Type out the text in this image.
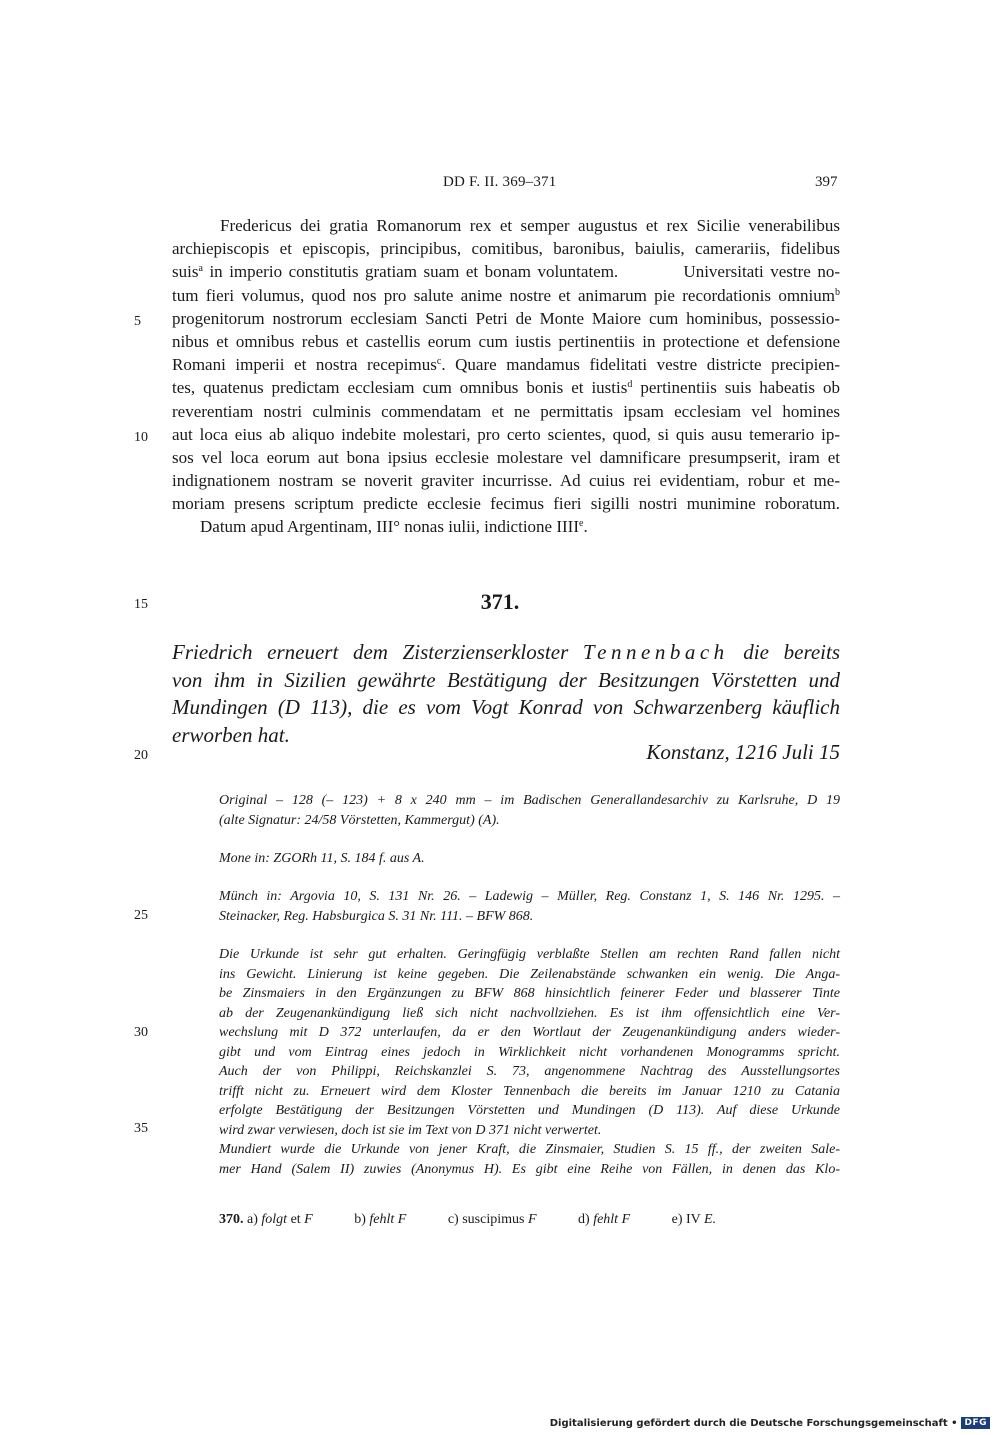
DD F. II. 369–371	397
Fredericus dei gratia Romanorum rex et semper augustus et rex Sicilie venerabilibus
archiepiscopis et episcopis, principibus, comitibus, baronibus, baiulis, camerariis, fidelibus
suis$^a$ in imperio constitutis gratiam suam et bonam voluntatem.          Universitati vestre no-
tum fieri volumus, quod nos pro salute anime nostre et animarum pie recordationis omnium$^b$
progenitorum nostrorum ecclesiam Sancti Petri de Monte Maiore cum hominibus, possessio-
nibus et omnibus rebus et castellis eorum cum iustis pertinentiis in protectione et defensione
Romani imperii et nostra recepimus$^c$. Quare mandamus fidelitati vestre districte precipien-
tes, quatenus predictam ecclesiam cum omnibus bonis et iustis$^d$ pertinentiis suis habeatis ob
reverentiam nostri culminis commendatam et ne permittatis ipsam ecclesiam vel homines
aut loca eius ab aliquo indebite molestari, pro certo scientes, quod, si quis ausu temerario ip-
sos vel loca eorum aut bona ipsius ecclesie molestare vel damnificare presumpserit, iram et
indignationem nostram se noverit graviter incurrisse. Ad cuius rei evidentiam, robur et me-
moriam presens scriptum predicte ecclesie fecimus fieri sigilli nostri munimine roboratum.
Datum apud Argentinam, III° nonas iulii, indictione IIIIe.
5
10
15
20
25
30
35
371.
Friedrich erneuert dem Zisterzienserkloster Tennenbach die bereits
von ihm in Sizilien gewährte Bestätigung der Besitzungen Vörstetten und
Mundingen (D 113), die es vom Vogt Konrad von Schwarzenberg käuflich
erworben hat.
Konstanz, 1216 Juli 15
Original – 128 (– 123) + 8 x 240 mm – im Badischen Generallandesarchiv zu Karlsruhe, D 19
(alte Signatur: 24/58 Vörstetten, Kammergut) (A).
Mone in: ZGORh 11, S. 184 f. aus A.
Münch in: Argovia 10, S. 131 Nr. 26. – Ladewig – Müller, Reg. Constanz 1, S. 146 Nr. 1295. –
Steinacker, Reg. Habsburgica S. 31 Nr. 111. – BFW 868.
Die Urkunde ist sehr gut erhalten. Geringfügig verblaßte Stellen am rechten Rand fallen nicht
ins Gewicht. Linierung ist keine gegeben. Die Zeilenabstände schwanken ein wenig. Die Anga-
be Zinsmaiers in den Ergänzungen zu BFW 868 hinsichtlich feinerer Feder und blasserer Tinte
ab der Zeugenankündigung ließ sich nicht nachvollziehen. Es ist ihm offensichtlich eine Ver-
wechslung mit D 372 unterlaufen, da er den Wortlaut der Zeugenankündigung anders wieder-
gibt und vom Eintrag eines jedoch in Wirklichkeit nicht vorhandenen Monogramms spricht.
Auch der von Philippi, Reichskanzlei S. 73, angenommene Nachtrag des Ausstellungsortes
trifft nicht zu. Erneuert wird dem Kloster Tennenbach die bereits im Januar 1210 zu Catania
erfolgte Bestätigung der Besitzungen Vörstetten und Mundingen (D 113). Auf diese Urkunde
wird zwar verwiesen, doch ist sie im Text von D 371 nicht verwertet.
Mundiert wurde die Urkunde von jener Kraft, die Zinsmaier, Studien S. 15 ff., der zweiten Sale-
mer Hand (Salem II) zuwies (Anonymus H). Es gibt eine Reihe von Fällen, in denen das Klo-
370. a) folgt et F	b) fehlt F	c) suscipimus F	d) fehlt F	e) IV E.
Digitalisierung gefördert durch die Deutsche Forschungsgemeinschaft • DFG
